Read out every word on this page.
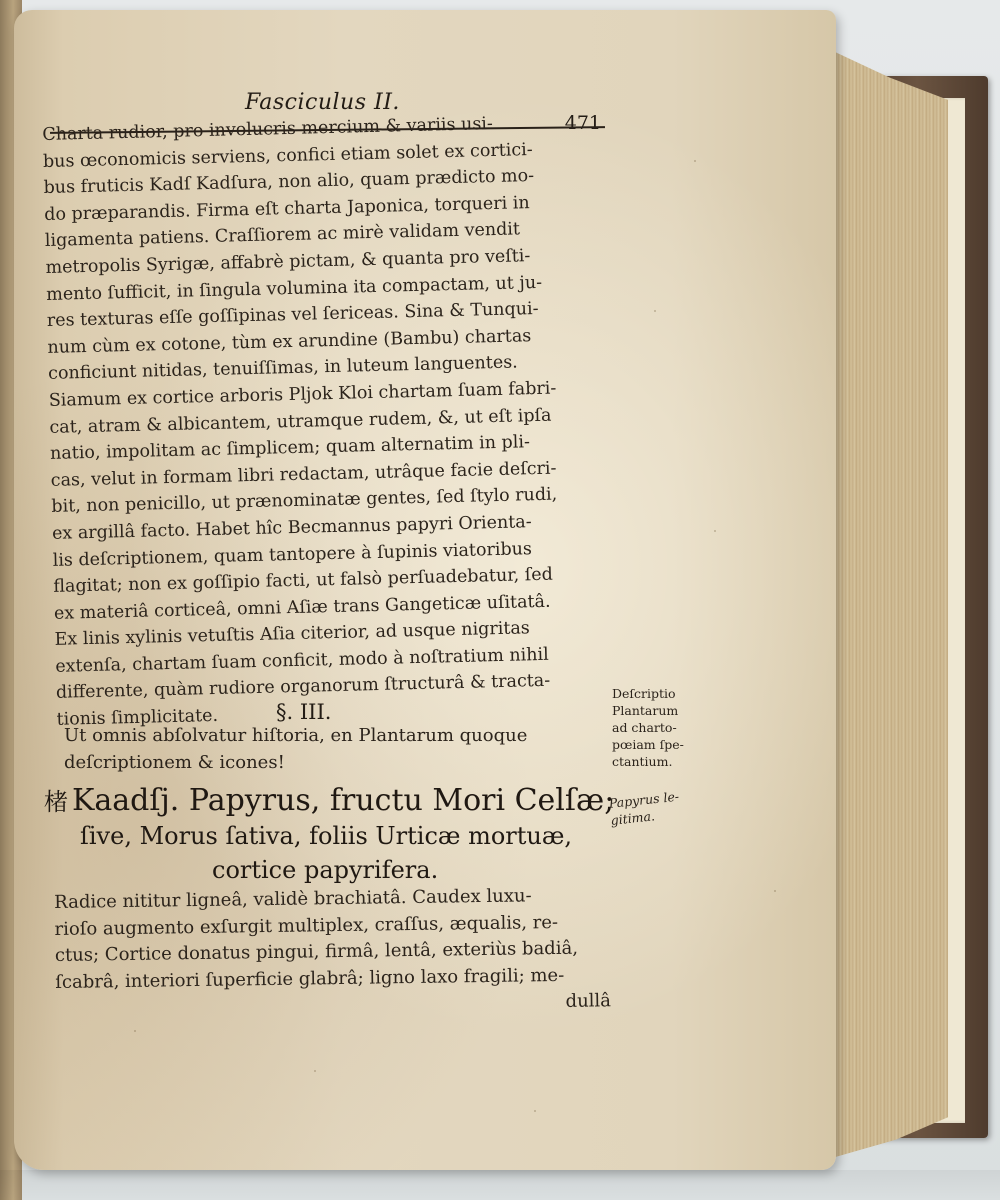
Fasciculus II.
471
Charta rudior, pro involucris mercium & variis usi-
bus œconomicis serviens, confici etiam solet ex cortici-
bus fruticis Kadſ Kadſura, non alio, quam prædicto mo-
do præparandis. Firma eſt charta Japonica, torqueri in
ligamenta patiens. Craſſiorem ac mirè validam vendit
metropolis Syrigæ, affabrè pictam, & quanta pro veſti-
mento ſufficit, in ſingula volumina ita compactam, ut ju-
res texturas eſſe goſſipinas vel ſericeas. Sina & Tunqui-
num cùm ex cotone, tùm ex arundine (Bambu) chartas
conficiunt nitidas, tenuiſſimas, in luteum languentes.
Siamum ex cortice arboris Pljok Kloi chartam ſuam fabri-
cat, atram & albicantem, utramque rudem, &, ut eſt ipſa
natio, impolitam ac ſimplicem; quam alternatim in pli-
cas, velut in formam libri redactam, utrâque facie deſcri-
bit, non penicillo, ut prænominatæ gentes, ſed ſtylo rudi,
ex argillâ facto. Habet hîc Becmannus papyri Orienta-
lis deſcriptionem, quam tantopere à ſupinis viatoribus
flagitat; non ex goſſipio facti, ut falsò perſuadebatur, ſed
ex materiâ corticeâ, omni Aſiæ trans Gangeticæ uſitatâ.
Ex linis xylinis vetuſtis Aſia citerior, ad usque nigritas
extenſa, chartam ſuam conficit, modo à noſtratium nihil
differente, quàm rudiore organorum ſtructurâ & tracta-
tionis ſimplicitate.
Deſcriptio
Plantarum
ad charto-
pœiam ſpe-
ctantium.
§. III.
Ut omnis abſolvatur hiſtoria, en Plantarum quoque
deſcriptionem & icones!
楮 Kaadſj. Papyrus, fructu Mori Celſæ;
ſive, Morus ſativa, foliis Urticæ mortuæ,
cortice papyrifera.
Papyrus le-
gitima.
Radice nititur ligneâ, validè brachiatâ. Caudex luxu-
rioſo augmento exſurgit multiplex, craſſus, æqualis, re-
ctus; Cortice donatus pingui, firmâ, lentâ, exteriùs badiâ,
ſcabrâ, interiori ſuperficie glabrâ; ligno laxo fragili; me-
dullâ
